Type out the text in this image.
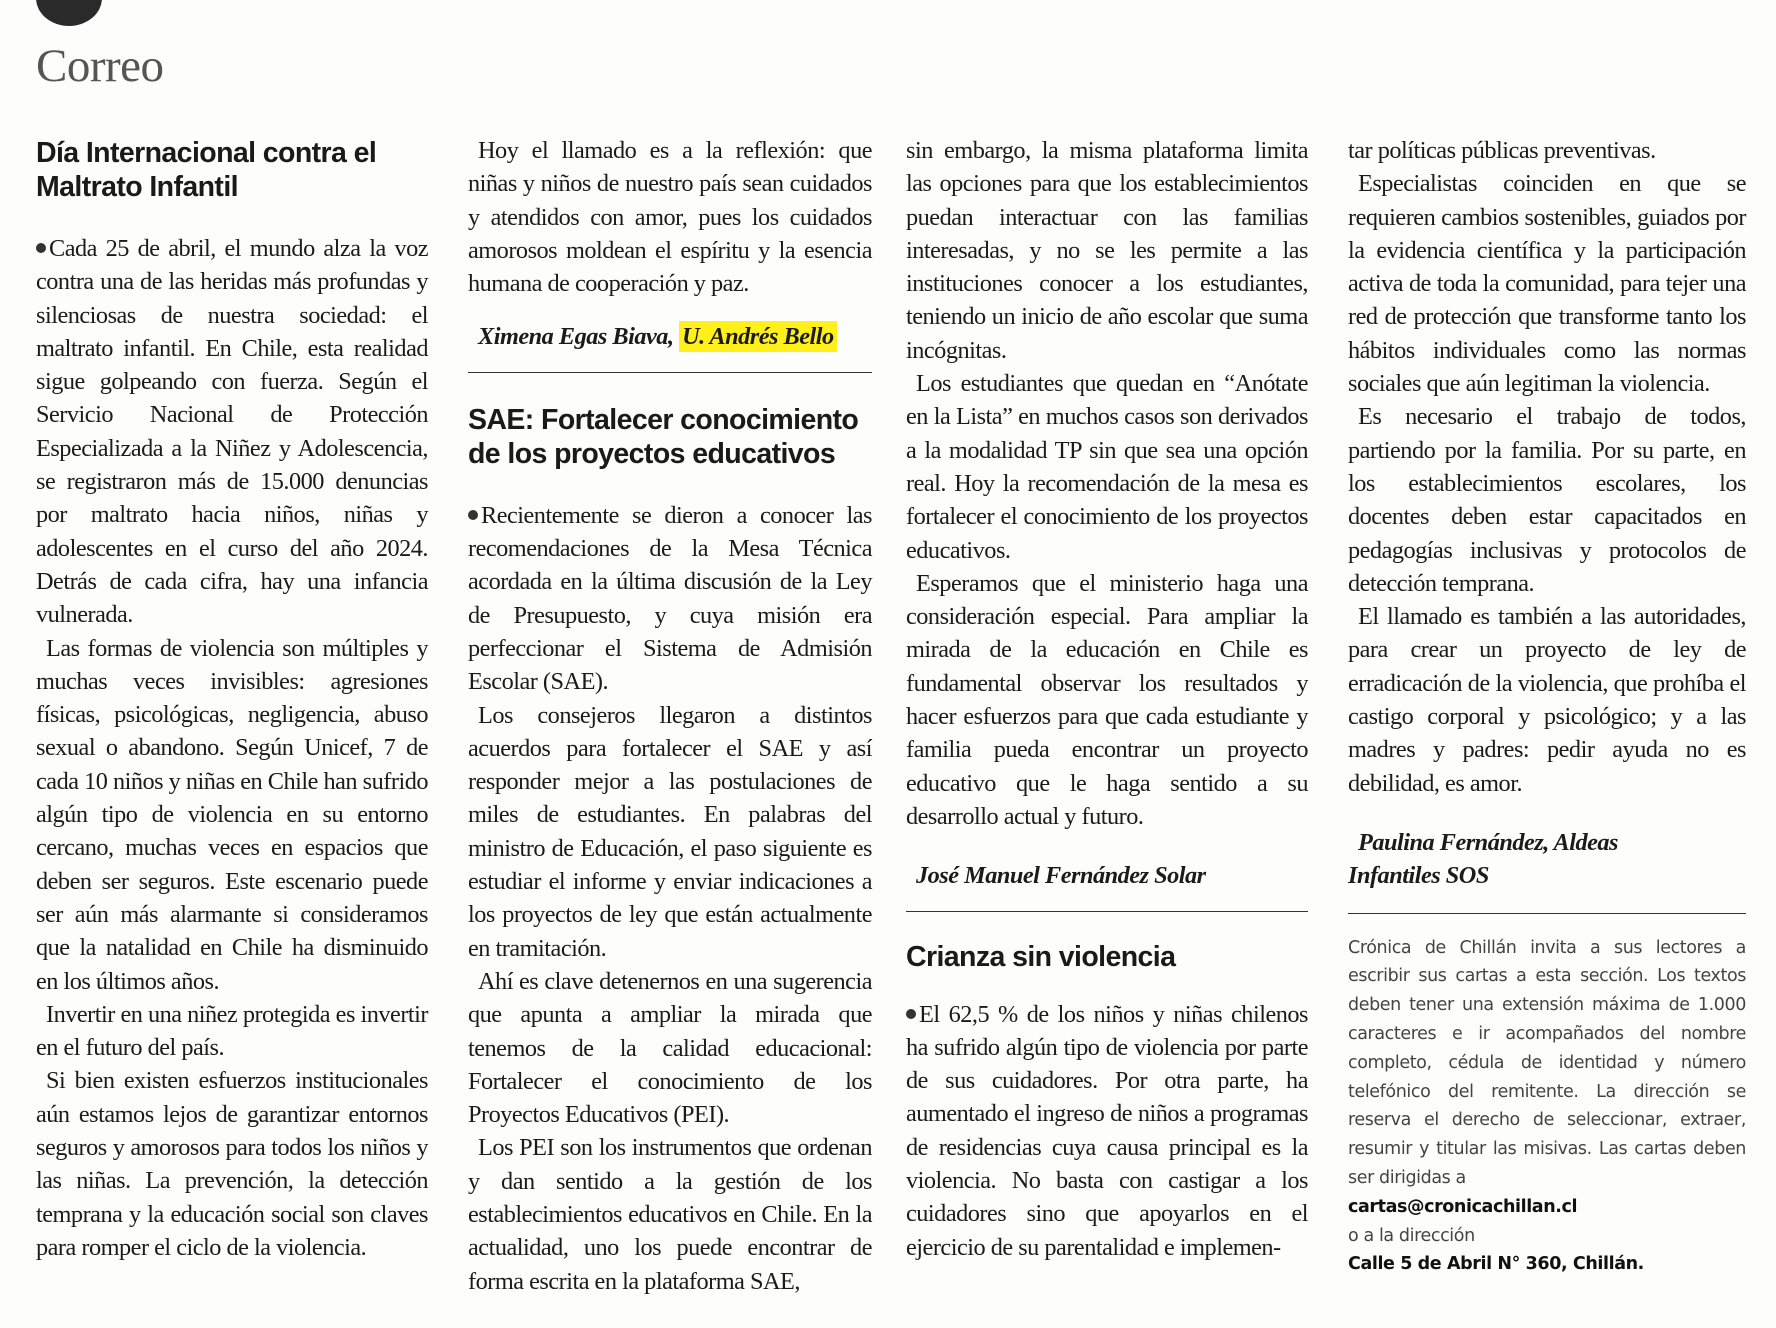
Correo
Día Internacional contra el Maltrato Infantil

Cada 25 de abril, el mundo alza la voz contra una de las heridas más profundas y silenciosas de nuestra sociedad: el maltrato infantil. En Chile, esta realidad sigue golpeando con fuerza. Según el Servicio Nacional de Protección Especializada a la Niñez y Adolescencia, se registraron más de 15.000 denuncias por maltrato hacia niños, niñas y adolescentes en el curso del año 2024. Detrás de cada cifra, hay una infancia vulnerada.

Las formas de violencia son múltiples y muchas veces invisibles: agresiones físicas, psicológicas, negligencia, abuso sexual o abandono. Según Unicef, 7 de cada 10 niños y niñas en Chile han sufrido algún tipo de violencia en su entorno cercano, muchas veces en espacios que deben ser seguros. Este escenario puede ser aún más alarmante si consideramos que la natalidad en Chile ha disminuido en los últimos años.

Invertir en una niñez protegida es invertir en el futuro del país.

Si bien existen esfuerzos institucionales aún estamos lejos de garantizar entornos seguros y amorosos para todos los niños y las niñas. La prevención, la detección temprana y la educación social son claves para romper el ciclo de la violencia.

Hoy el llamado es a la reflexión: que niñas y niños de nuestro país sean cuidados y atendidos con amor, pues los cuidados amorosos moldean el espíritu y la esencia humana de cooperación y paz.

Ximena Egas Biava, U. Andrés Bello

SAE: Fortalecer conocimiento de los proyectos educativos

Recientemente se dieron a conocer las recomendaciones de la Mesa Técnica acordada en la última discusión de la Ley de Presupuesto, y cuya misión era perfeccionar el Sistema de Admisión Escolar (SAE).

Los consejeros llegaron a distintos acuerdos para fortalecer el SAE y así responder mejor a las postulaciones de miles de estudiantes. En palabras del ministro de Educación, el paso siguiente es estudiar el informe y enviar indicaciones a los proyectos de ley que están actualmente en tramitación.

Ahí es clave detenernos en una sugerencia que apunta a ampliar la mirada que tenemos de la calidad educacional: Fortalecer el conocimiento de los Proyectos Educativos (PEI).

Los PEI son los instrumentos que ordenan y dan sentido a la gestión de los establecimientos educativos en Chile. En la actualidad, uno los puede encontrar de forma escrita en la plataforma SAE,

sin embargo, la misma plataforma limita las opciones para que los establecimientos puedan interactuar con las familias interesadas, y no se les permite a las instituciones conocer a los estudiantes, teniendo un inicio de año escolar que suma incógnitas.

Los estudiantes que quedan en “Anótate en la Lista” en muchos casos son derivados a la modalidad TP sin que sea una opción real. Hoy la recomendación de la mesa es fortalecer el conocimiento de los proyectos educativos.

Esperamos que el ministerio haga una consideración especial. Para ampliar la mirada de la educación en Chile es fundamental observar los resultados y hacer esfuerzos para que cada estudiante y familia pueda encontrar un proyecto educativo que le haga sentido a su desarrollo actual y futuro.

José Manuel Fernández Solar

Crianza sin violencia

El 62,5 % de los niños y niñas chilenos ha sufrido algún tipo de violencia por parte de sus cuidadores. Por otra parte, ha aumentado el ingreso de niños a programas de residencias cuya causa principal es la violencia. No basta con castigar a los cuidadores sino que apoyarlos en el ejercicio de su parentalidad e implemen-

tar políticas públicas preventivas.

Especialistas coinciden en que se requieren cambios sostenibles, guiados por la evidencia científica y la participación activa de toda la comunidad, para tejer una red de protección que transforme tanto los hábitos individuales como las normas sociales que aún legitiman la violencia.

Es necesario el trabajo de todos, partiendo por la familia. Por su parte, en los establecimientos escolares, los docentes deben estar capacitados en pedagogías inclusivas y protocolos de detección temprana.

El llamado es también a las autoridades, para crear un proyecto de ley de erradicación de la violencia, que prohíba el castigo corporal y psicológico; y a las madres y padres: pedir ayuda no es debilidad, es amor.

Paulina Fernández, Aldeas
Infantiles SOS

Crónica de Chillán invita a sus lectores a escribir sus cartas a esta sección. Los textos deben tener una extensión máxima de 1.000 caracteres e ir acompañados del nombre completo, cédula de identidad y número telefónico del remitente. La dirección se reserva el derecho de seleccionar, extraer, resumir y titular las misivas. Las cartas deben ser dirigidas a
cartas@cronicachillan.cl
o a la dirección
Calle 5 de Abril N° 360, Chillán.
